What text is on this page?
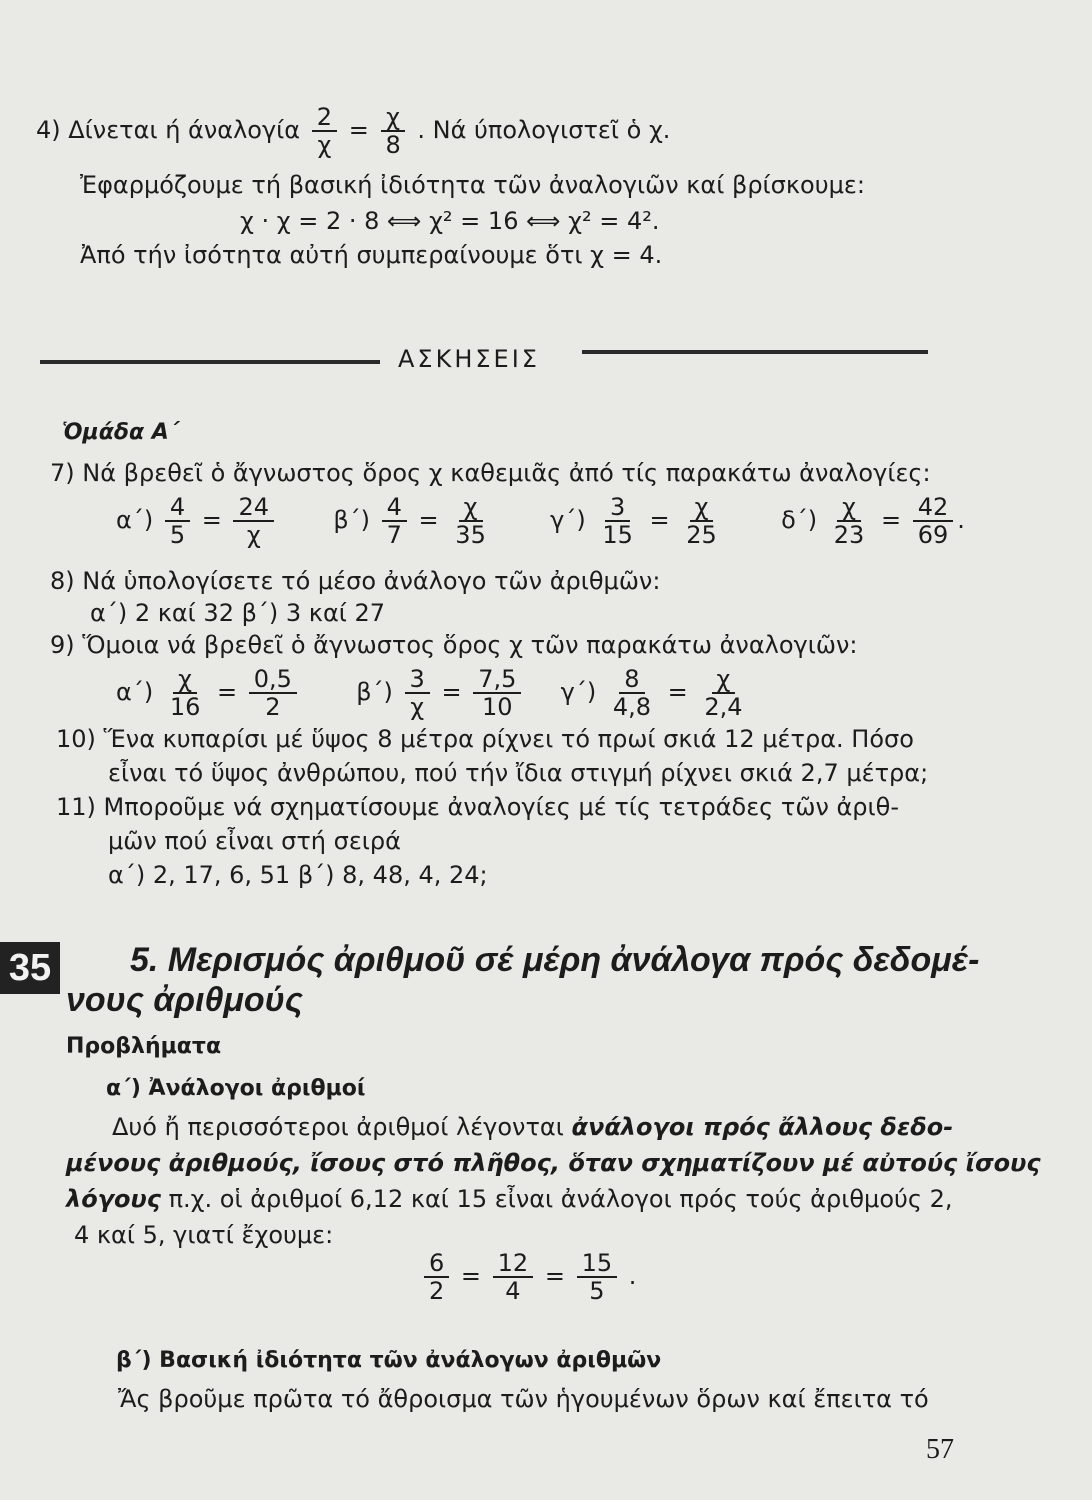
4) Δίνεται ή άναλογία $\frac{2}{\chi} = \frac{\chi}{8}$ . Νά ύπολογιστεῖ ὁ χ.
Ἐφαρμόζουμε τή βασική ἰδιότητα τῶν ἀναλογιῶν καί βρίσκουμε:
χ · χ = 2 · 8 ⟺ χ² = 16 ⟺ χ² = 4².
Ἀπό τήν ἰσότητα αὐτή συμπεραίνουμε ὅτι χ = 4.
ΑΣΚΗΣΕΙΣ
Ὁμάδα Α΄
7) Νά βρεθεῖ ὁ ἄγνωστος ὅρος χ καθεμιᾶς ἀπό τίς παρακάτω ἀναλογίες:
$\alpha΄) \frac{4}{5} = \frac{24}{\chi} \beta΄) \frac{4}{7} = \frac{\chi}{35} \gamma΄) \frac{3}{15} = \frac{\chi}{25} \delta΄) \frac{\chi}{23} = \frac{42}{69}$ .
8) Νά ὑπολογίσετε τό μέσο ἀνάλογο τῶν ἀριθμῶν:
α΄) 2 καί 32 β΄) 3 καί 27
9) Ὅμοια νά βρεθεῖ ὁ ἄγνωστος ὅρος χ τῶν παρακάτω ἀναλογιῶν:
$\alpha΄) \frac{\chi}{16} = \frac{0,5}{2} \beta΄) \frac{3}{\chi} = \frac{7,5}{10} \gamma΄) \frac{8}{4,8} = \frac{\chi}{2,4}$
10) Ἕνα κυπαρίσι μέ ὕψος 8 μέτρα ρίχνει τό πρωί σκιά 12 μέτρα. Πόσο
εἶναι τό ὕψος ἀνθρώπου, πού τήν ἴδια στιγμή ρίχνει σκιά 2,7 μέτρα;
11) Μποροῦμε νά σχηματίσουμε ἀναλογίες μέ τίς τετράδες τῶν ἀριθ-
μῶν πού εἶναι στή σειρά
α΄) 2, 17, 6, 51 β΄) 8, 48, 4, 24;
35 5. Μερισμός ἀριθμοῦ σέ μέρη ἀνάλογα πρός δεδομέ-
νους ἀριθμούς
Προβλήματα
α΄) Ἀνάλογοι ἀριθμοί
Δυό ἤ περισσότεροι ἀριθμοί λέγονται ἀνάλογοι πρός ἄλλους δεδο-
μένους ἀριθμούς, ἴσους στό πλῆθος, ὅταν σχηματίζουν μέ αὐτούς ἴσους
λόγους π.χ. οἱ ἀριθμοί 6,12 καί 15 εἶναι ἀνάλογοι πρός τούς ἀριθμούς 2,
4 καί 5, γιατί ἔχουμε:
$\frac{6}{2} = \frac{12}{4} = \frac{15}{5}$ .
β΄) Βασική ἰδιότητα τῶν ἀνάλογων ἀριθμῶν
Ἄς βροῦμε πρῶτα τό ἄθροισμα τῶν ἡγουμένων ὅρων καί ἔπειτα τό
57
